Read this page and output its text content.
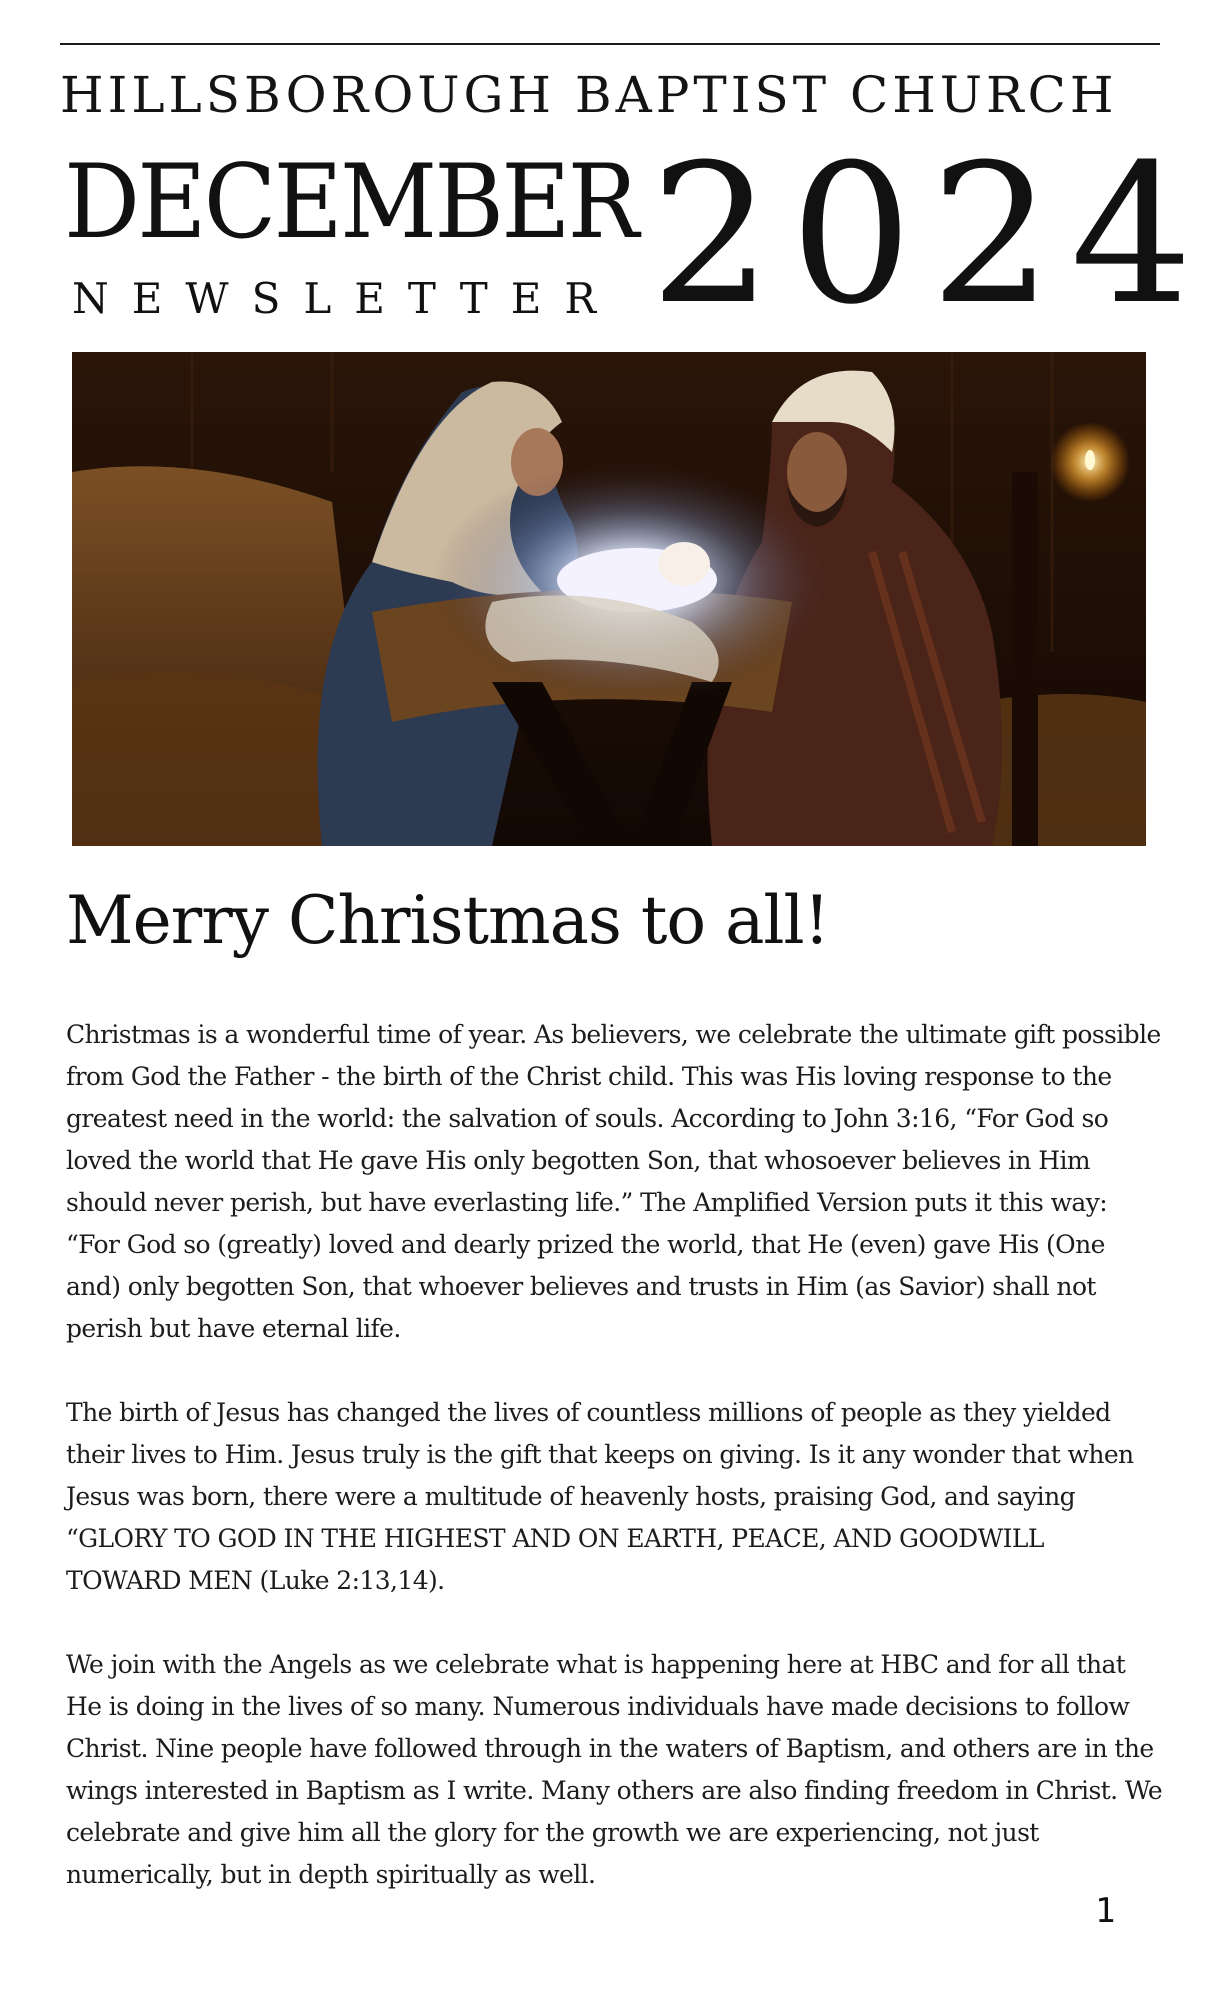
HILLSBOROUGH BAPTIST CHURCH
DECEMBER
NEWSLETTER 2024
Merry Christmas to all!

Christmas is a wonderful time of year. As believers, we celebrate the ultimate gift possible from God the Father - the birth of the Christ child. This was His loving response to the greatest need in the world: the salvation of souls. According to John 3:16, “For God so loved the world that He gave His only begotten Son, that whosoever believes in Him should never perish, but have everlasting life.” The Amplified Version puts it this way: “For God so (greatly) loved and dearly prized the world, that He (even) gave His (One and) only begotten Son, that whoever believes and trusts in Him (as Savior) shall not perish but have eternal life.

The birth of Jesus has changed the lives of countless millions of people as they yielded their lives to Him. Jesus truly is the gift that keeps on giving. Is it any wonder that when Jesus was born, there were a multitude of heavenly hosts, praising God, and saying “GLORY TO GOD IN THE HIGHEST AND ON EARTH, PEACE, AND GOODWILL TOWARD MEN (Luke 2:13,14).

We join with the Angels as we celebrate what is happening here at HBC and for all that He is doing in the lives of so many. Numerous individuals have made decisions to follow Christ. Nine people have followed through in the waters of Baptism, and others are in the wings interested in Baptism as I write. Many others are also finding freedom in Christ. We celebrate and give him all the glory for the growth we are experiencing, not just numerically, but in depth spiritually as well.

1
